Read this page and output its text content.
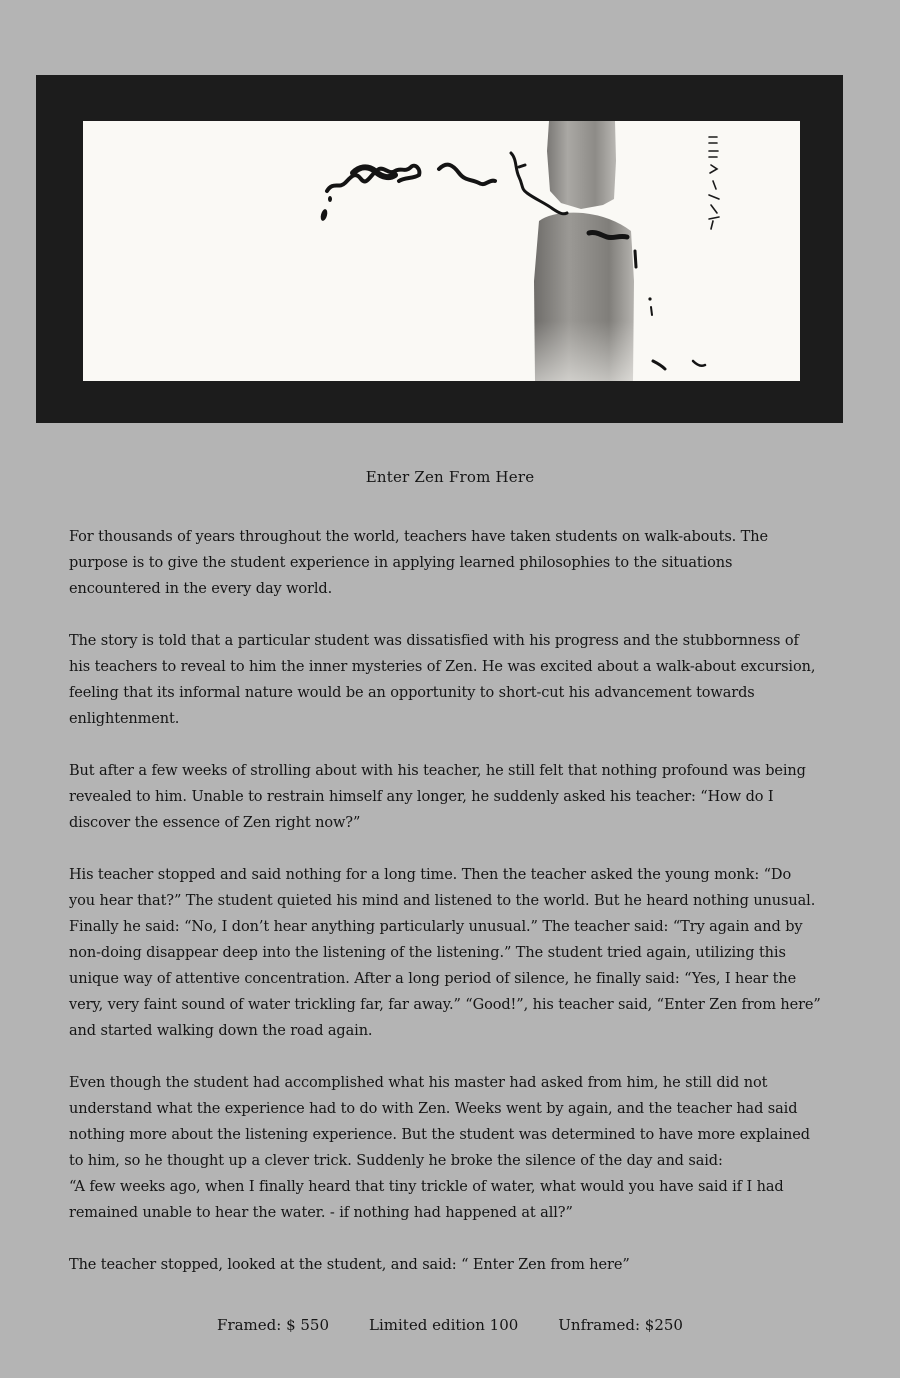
Enter Zen From Here

For thousands of years throughout the world, teachers have taken students on walk-abouts. The purpose is to give the student experience in applying learned philosophies to the situations encountered in the every day world.

The story is told that a particular student was dissatisfied with his progress and the stubbornness of his teachers to reveal to him the inner mysteries of Zen. He was excited about a walk-about excursion, feeling that its informal nature would be an opportunity to short-cut his advancement towards enlightenment.

But after a few weeks of strolling about with his teacher, he still felt that nothing profound was being revealed to him. Unable to restrain himself any longer, he suddenly asked his teacher: “How do I discover the essence of Zen right now?”

His teacher stopped and said nothing for a long time. Then the teacher asked the young monk: “Do you hear that?” The student quieted his mind and listened to the world. But he heard nothing unusual. Finally he said: “No, I don’t hear anything particularly unusual.” The teacher said: “Try again and by non-doing disappear deep into the listening of the listening.” The student tried again, utilizing this unique way of attentive concentration. After a long period of silence, he finally said: “Yes, I hear the very, very faint sound of water trickling far, far away.” “Good!”, his teacher said, “Enter Zen from here” and started walking down the road again.

Even though the student had accomplished what his master had asked from him, he still did not understand what the experience had to do with Zen. Weeks went by again, and the teacher had said nothing more about the listening experience. But the student was determined to have more explained to him, so he thought up a clever trick. Suddenly he broke the silence of the day and said:

“A few weeks ago, when I finally heard that tiny trickle of water, what would you have said if I had remained unable to hear the water. - if nothing had happened at all?”

The teacher stopped, looked at the student, and said: “ Enter Zen from here”

Framed: $ 550	Limited edition 100	Unframed: $250
